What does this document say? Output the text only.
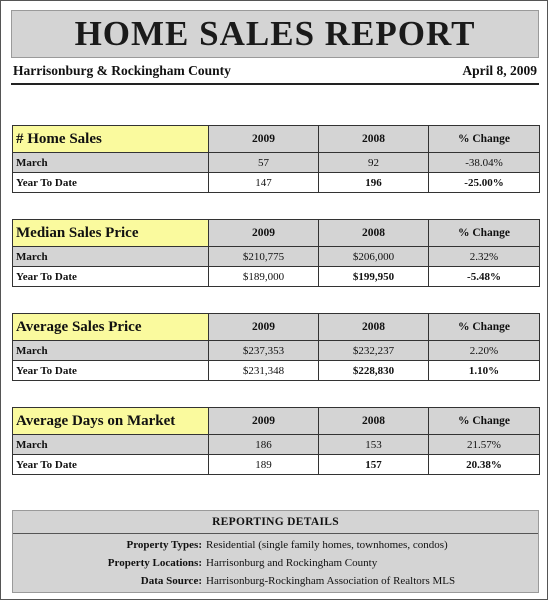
HOME SALES REPORT
Harrisonburg & Rockingham County	April 8, 2009
# Home Sales	2009	2008	% Change
March	57	92	-38.04%
Year To Date	147	196	-25.00%
Median Sales Price	2009	2008	% Change
March	$210,775	$206,000	2.32%
Year To Date	$189,000	$199,950	-5.48%
Average Sales Price	2009	2008	% Change
March	$237,353	$232,237	2.20%
Year To Date	$231,348	$228,830	1.10%
Average Days on Market	2009	2008	% Change
March	186	153	21.57%
Year To Date	189	157	20.38%
REPORTING DETAILS
Property Types: Residential (single family homes, townhomes, condos)
Property Locations: Harrisonburg and Rockingham County
Data Source: Harrisonburg-Rockingham Association of Realtors MLS
